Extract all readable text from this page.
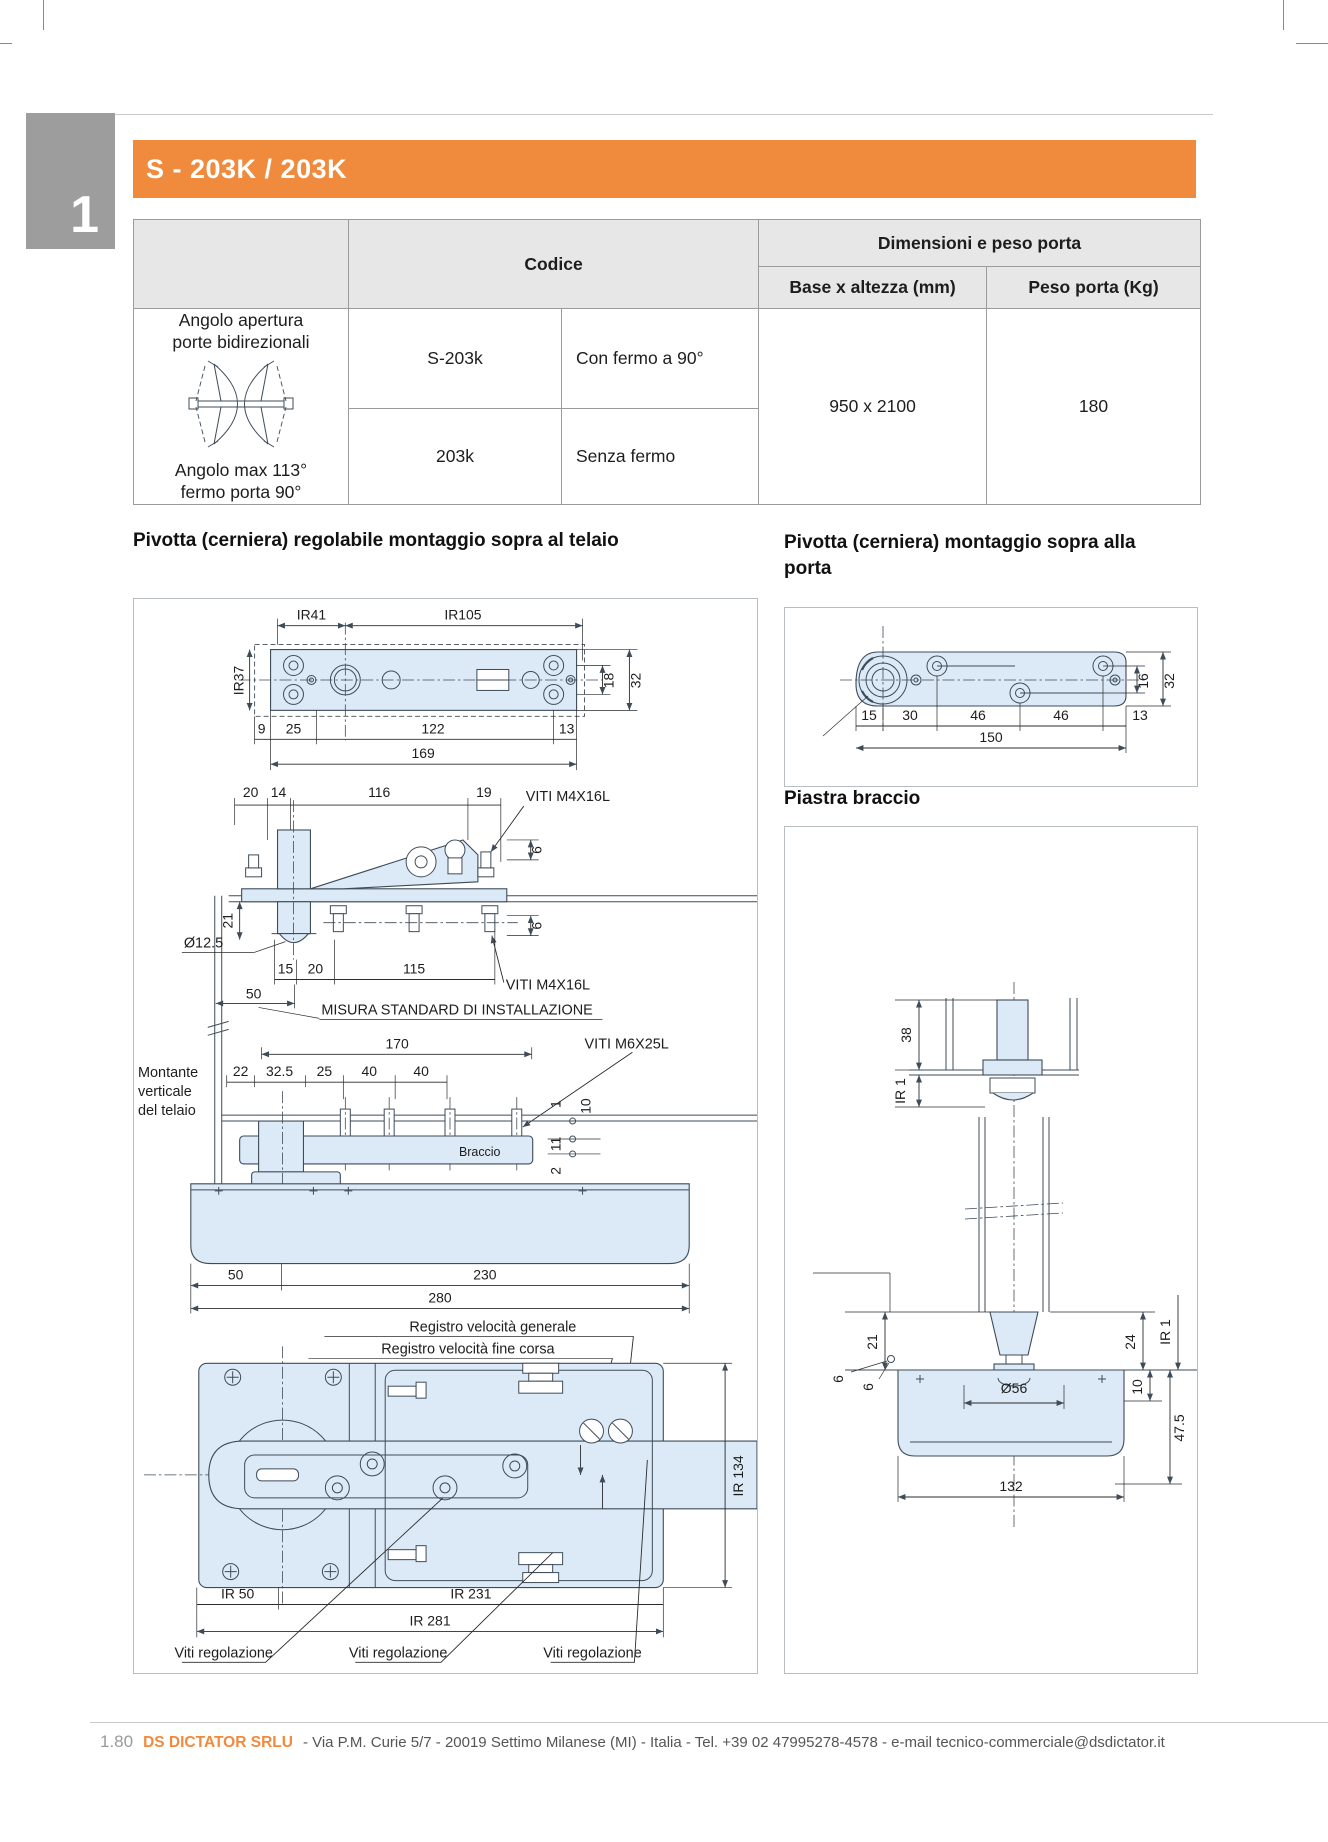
1
S - 203K / 203K
	Codice		Dimensioni e peso porta	
			Base x altezza (mm)	Peso porta (Kg)

Angolo apertura
porte bidirezionali
Angolo max 113°
fermo porta 90°	S-203k	Con fermo a 90°	950 x 2100	180
	203k	Senza fermo		
Pivotta (cerniera) regolabile montaggio sopra al telaio	Pivotta (cerniera) montaggio sopra alla porta
Piastra braccio
IR41	IR105
IR37	18 32
9 25	122	13
169
20 14	116	19 VITI M4X16L
21
6
6
VITI M4X16L
Ø12.5
15 20	115
50
MISURA STANDARD DI INSTALLAZIONE
Montante
verticale
del telaio
170	VITI M6X25L
22 32.5 25 40	40
Braccio
1 10
11
2
50	230
280
Registro velocità generale
Registro velocità fine corsa
IR 134
IR 50	IR 231
IR 281
Viti regolazione	Viti regolazione	Viti regolazione
16 32
15 30	46	46	13
150
38
IR 1
21
6
6
24 IR 1
10
47.5
Ø56
132
1.80 DS DICTATOR SRLU - Via P.M. Curie 5/7 - 20019 Settimo Milanese (MI) - Italia - Tel. +39 02 47995278-4578 - e-mail tecnico-commerciale@dsdictator.it
